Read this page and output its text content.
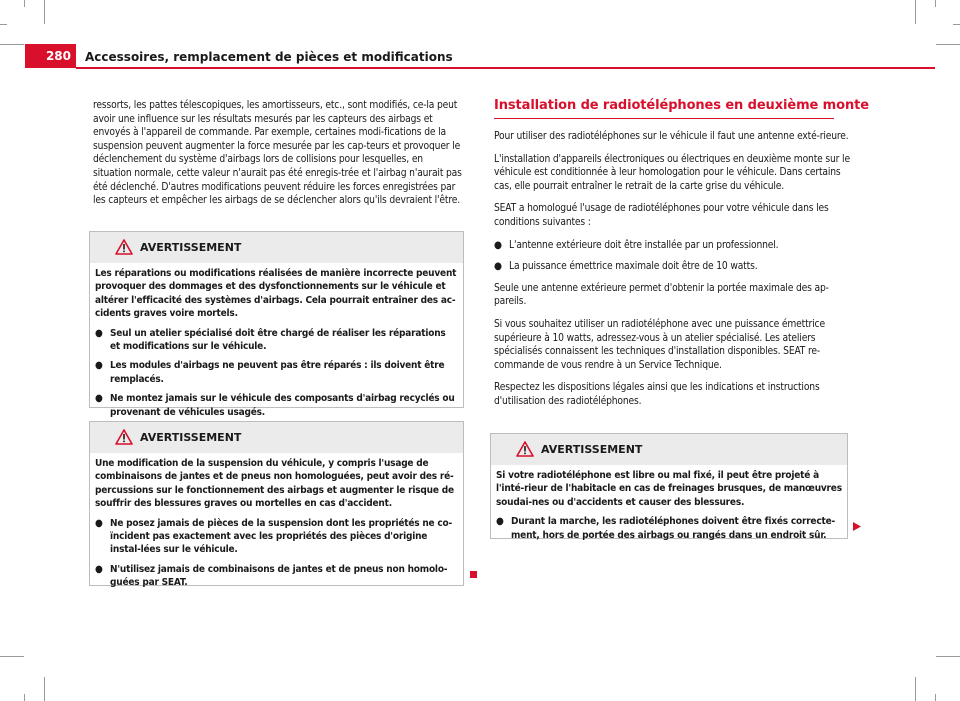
280	Accessoires, remplacement de pièces et modifications

ressorts, les pattes télescopiques, les amortisseurs, etc., sont modifiés, ce-la peut avoir une influence sur les résultats mesurés par les capteurs des airbags et envoyés à l'appareil de commande. Par exemple, certaines modi-fications de la suspension peuvent augmenter la force mesurée par les cap-teurs et provoquer le déclenchement du système d'airbags lors de collisions pour lesquelles, en situation normale, cette valeur n'aurait pas été enregis-trée et l'airbag n'aurait pas été déclenché. D'autres modifications peuvent réduire les forces enregistrées par les capteurs et empêcher les airbags de se déclencher alors qu'ils devraient l'être.

AVERTISSEMENT

Les réparations ou modifications réalisées de manière incorrecte peuvent provoquer des dommages et des dysfonctionnements sur le véhicule et altérer l'efficacité des systèmes d'airbags. Cela pourrait entraîner des ac-cidents graves voire mortels.

● Seul un atelier spécialisé doit être chargé de réaliser les réparations et modifications sur le véhicule.
● Les modules d'airbags ne peuvent pas être réparés : ils doivent être remplacés.
● Ne montez jamais sur le véhicule des composants d'airbag recyclés ou provenant de véhicules usagés.
AVERTISSEMENT

Une modification de la suspension du véhicule, y compris l'usage de combinaisons de jantes et de pneus non homologuées, peut avoir des ré-percussions sur le fonctionnement des airbags et augmenter le risque de souffrir des blessures graves ou mortelles en cas d'accident.

● Ne posez jamais de pièces de la suspension dont les propriétés ne co-ïncident pas exactement avec les propriétés des pièces d'origine instal-lées sur le véhicule.
● N'utilisez jamais de combinaisons de jantes et de pneus non homolo-guées par SEAT.
Installation de radiotéléphones en deuxième monte

Pour utiliser des radiotéléphones sur le véhicule il faut une antenne exté-rieure.

L'installation d'appareils électroniques ou électriques en deuxième monte sur le véhicule est conditionnée à leur homologation pour le véhicule. Dans certains cas, elle pourrait entraîner le retrait de la carte grise du véhicule.

SEAT a homologué l'usage de radiotéléphones pour votre véhicule dans les conditions suivantes :

● L'antenne extérieure doit être installée par un professionnel.
● La puissance émettrice maximale doit être de 10 watts.

Seule une antenne extérieure permet d'obtenir la portée maximale des ap-pareils.

Si vous souhaitez utiliser un radiotéléphone avec une puissance émettrice supérieure à 10 watts, adressez-vous à un atelier spécialisé. Les ateliers spécialisés connaissent les techniques d'installation disponibles. SEAT re-commande de vous rendre à un Service Technique.

Respectez les dispositions légales ainsi que les indications et instructions d'utilisation des radiotéléphones.

AVERTISSEMENT

Si votre radiotéléphone est libre ou mal fixé, il peut être projeté à l'inté-rieur de l'habitacle en cas de freinages brusques, de manœuvres soudai-nes ou d'accidents et causer des blessures.

● Durant la marche, les radiotéléphones doivent être fixés correcte-ment, hors de portée des airbags ou rangés dans un endroit sûr.
